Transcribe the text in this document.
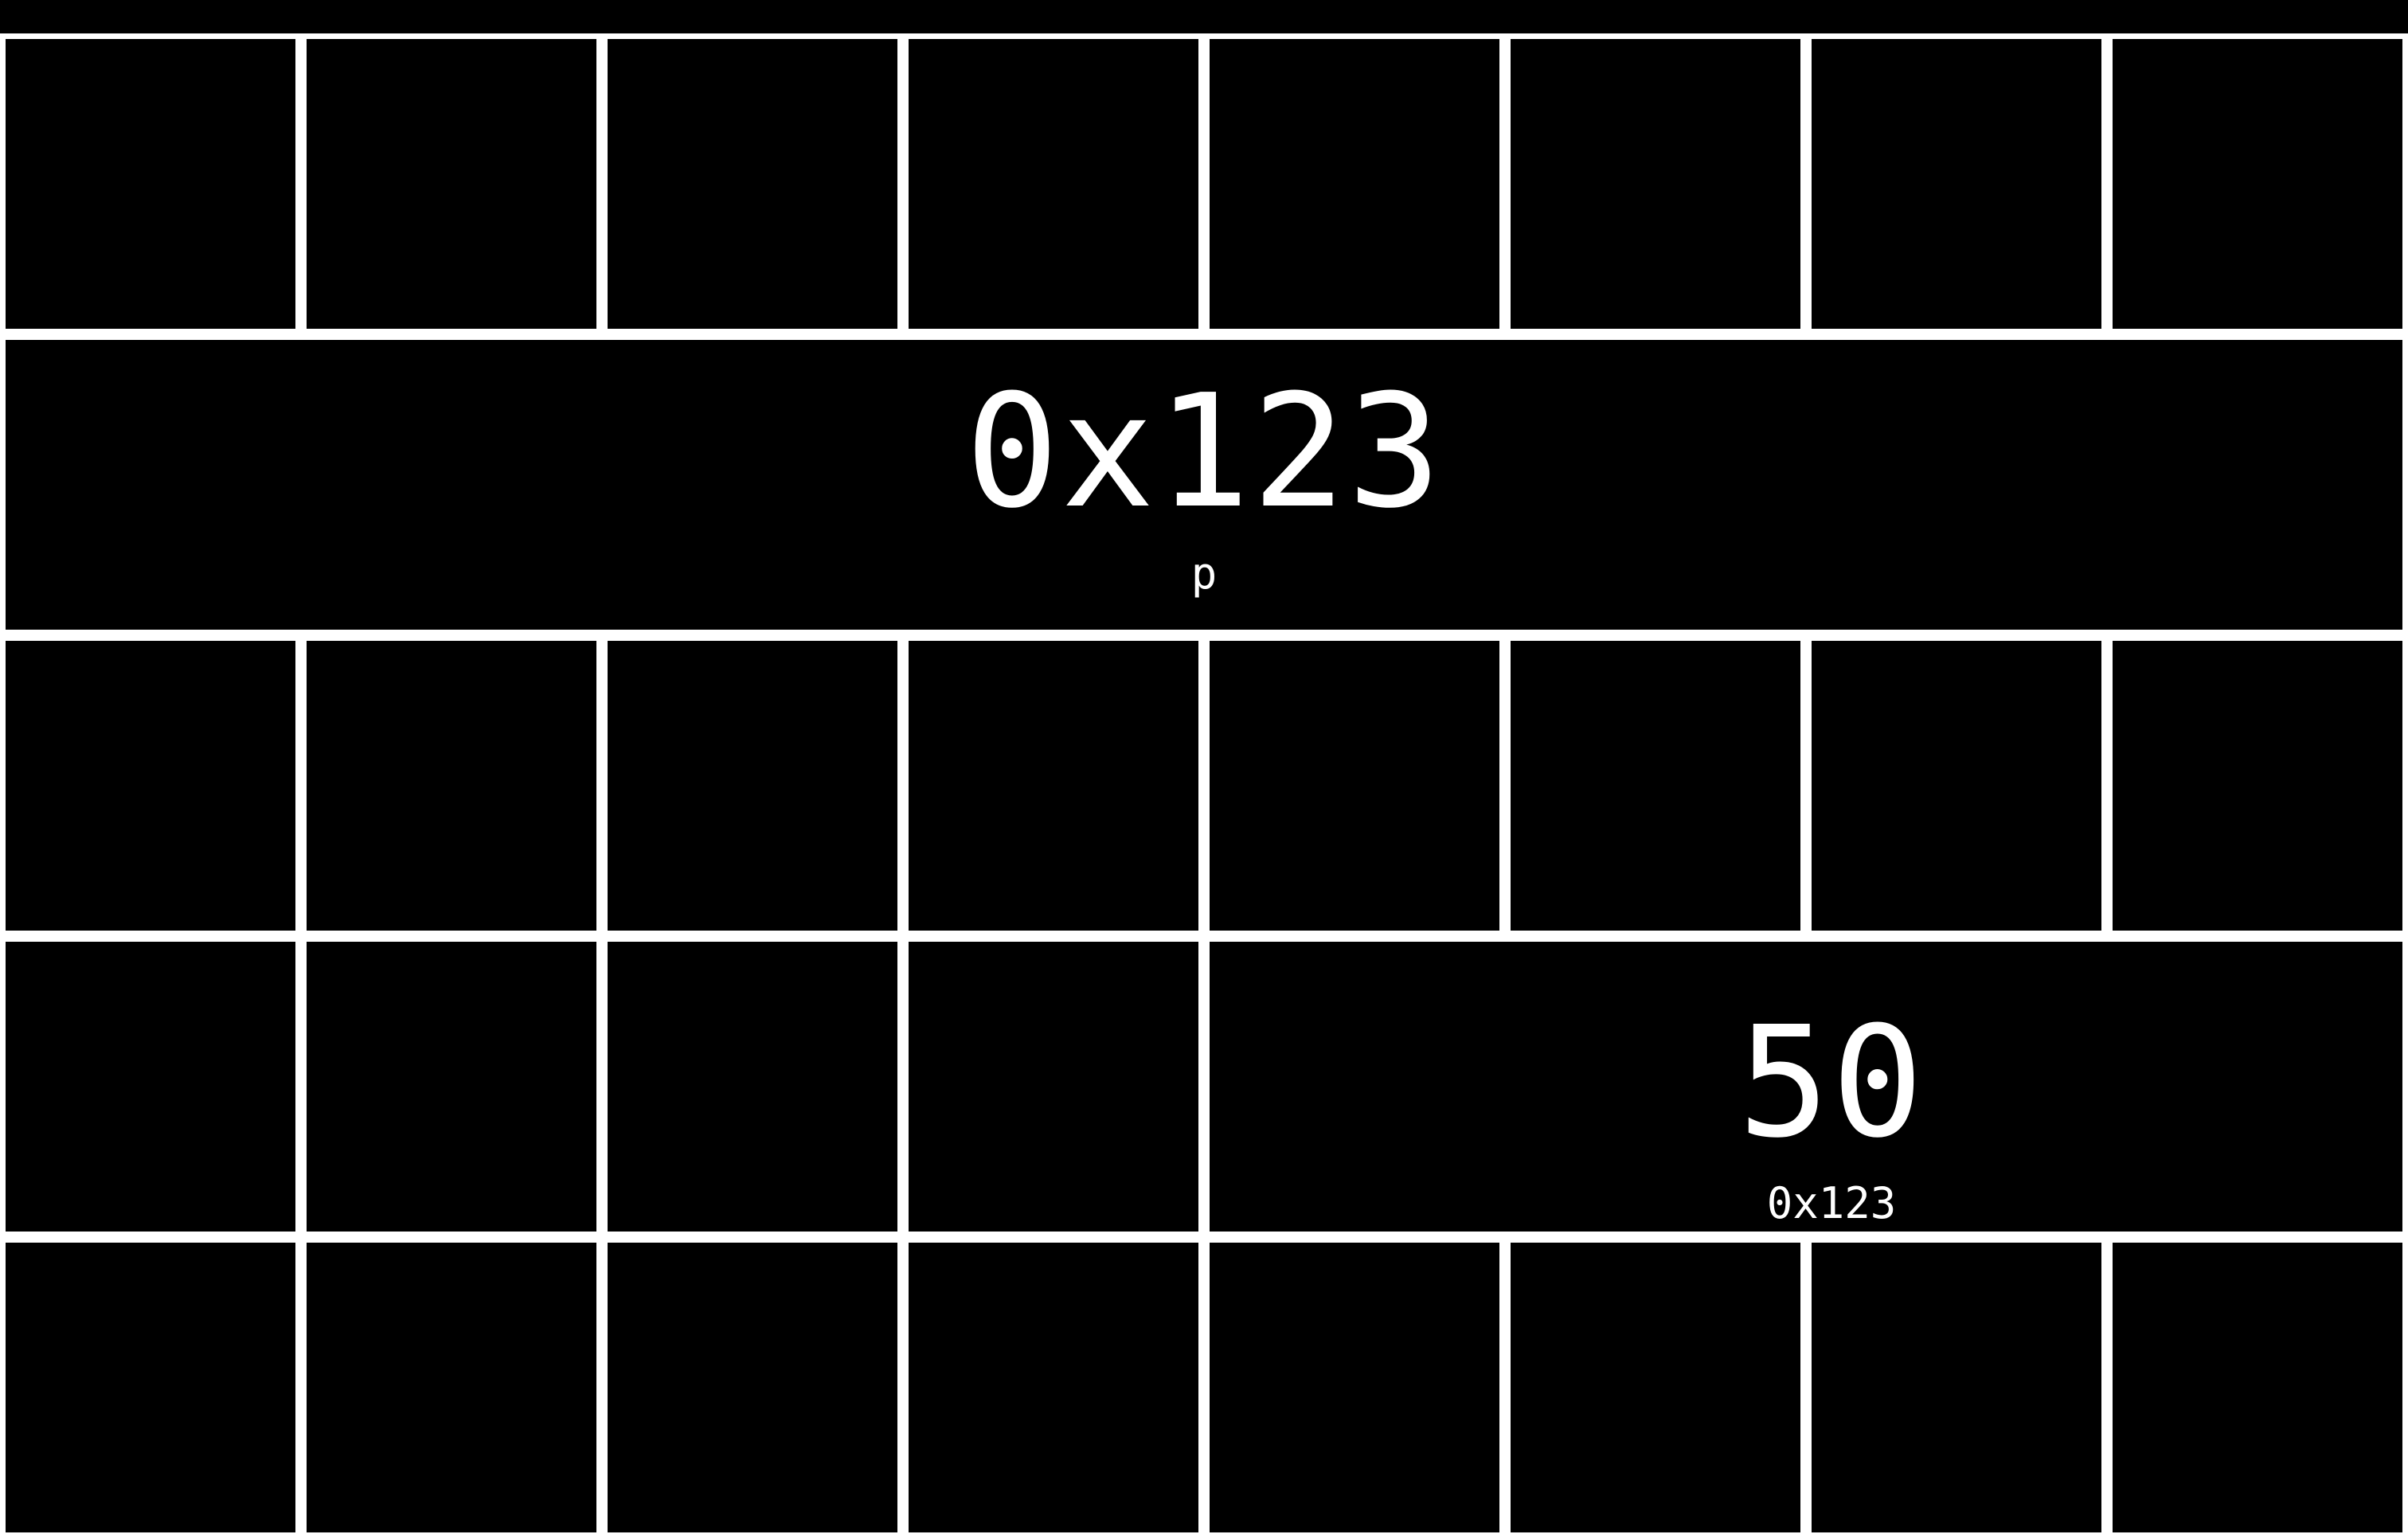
0x123
p
50
0x123
